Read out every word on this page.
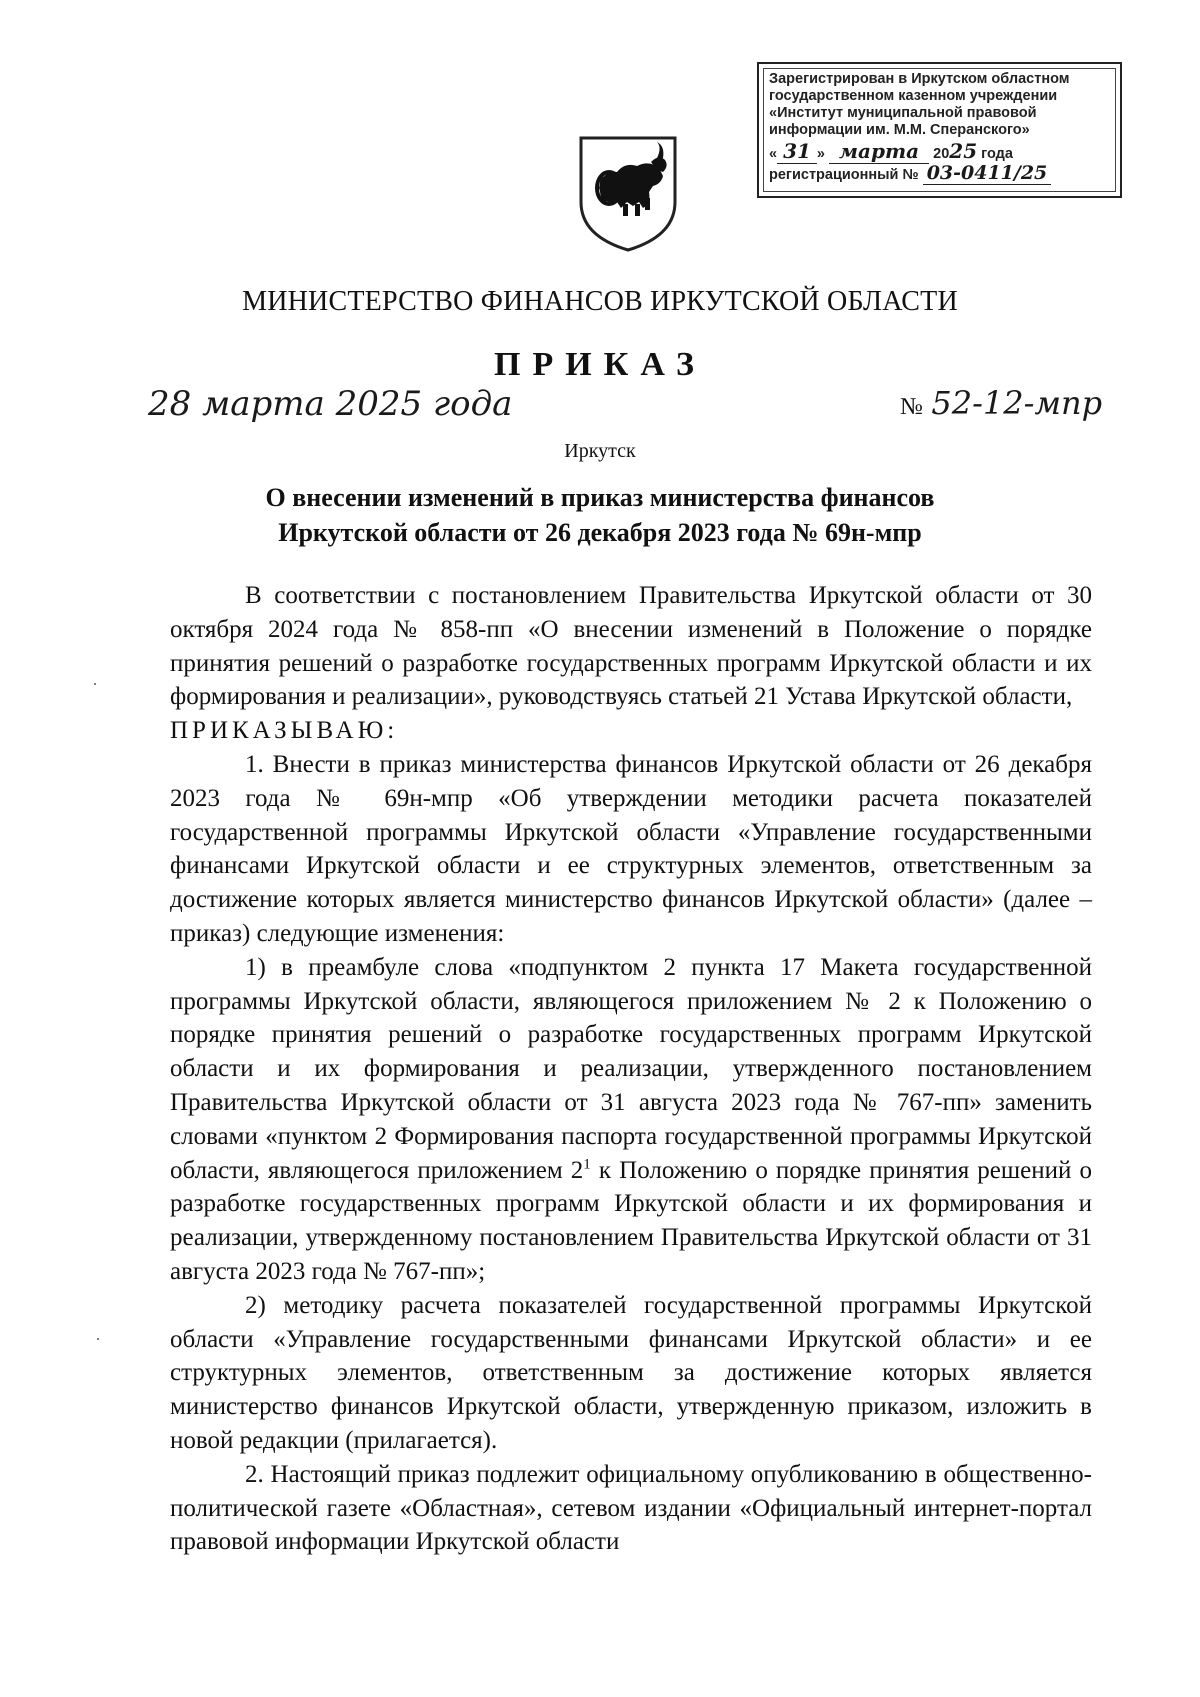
Зарегистрирован в Иркутском областном
государственном казенном учреждении
«Институт муниципальной правовой
информации им. М.М. Сперанского»
« 31 » марта 2025 года
регистрационный № 03-0411/25
МИНИСТЕРСТВО ФИНАНСОВ ИРКУТСКОЙ ОБЛАСТИ
ПРИКАЗ
28 марта 2025 года	№ 52-12-мпр
Иркутск
О внесении изменений в приказ министерства финансов
Иркутской области от 26 декабря 2023 года № 69н-мпр

В соответствии с постановлением Правительства Иркутской области от 30 октября 2024 года № 858-пп «О внесении изменений в Положение о порядке принятия решений о разработке государственных программ Иркутской области и их формирования и реализации», руководствуясь статьей 21 Устава Иркутской области,

ПРИКАЗЫВАЮ:

1. Внести в приказ министерства финансов Иркутской области от 26 декабря 2023 года № 69н-мпр «Об утверждении методики расчета показателей государственной программы Иркутской области «Управление государственными финансами Иркутской области и ее структурных элементов, ответственным за достижение которых является министерство финансов Иркутской области» (далее – приказ) следующие изменения:

1) в преамбуле слова «подпунктом 2 пункта 17 Макета государственной программы Иркутской области, являющегося приложением № 2 к Положению о порядке принятия решений о разработке государственных программ Иркутской области и их формирования и реализации, утвержденного постановлением Правительства Иркутской области от 31 августа 2023 года № 767-пп» заменить словами «пунктом 2 Формирования паспорта государственной программы Иркутской области, являющегося приложением $2^1$ к Положению о порядке принятия решений о разработке государственных программ Иркутской области и их формирования и реализации, утвержденному постановлением Правительства Иркутской области от 31 августа 2023 года № 767-пп»;

2) методику расчета показателей государственной программы Иркутской области «Управление государственными финансами Иркутской области» и ее структурных элементов, ответственным за достижение которых является министерство финансов Иркутской области, утвержденную приказом, изложить в новой редакции (прилагается).

2. Настоящий приказ подлежит официальному опубликованию в общественно-политической газете «Областная», сетевом издании «Официальный интернет-портал правовой информации Иркутской области
